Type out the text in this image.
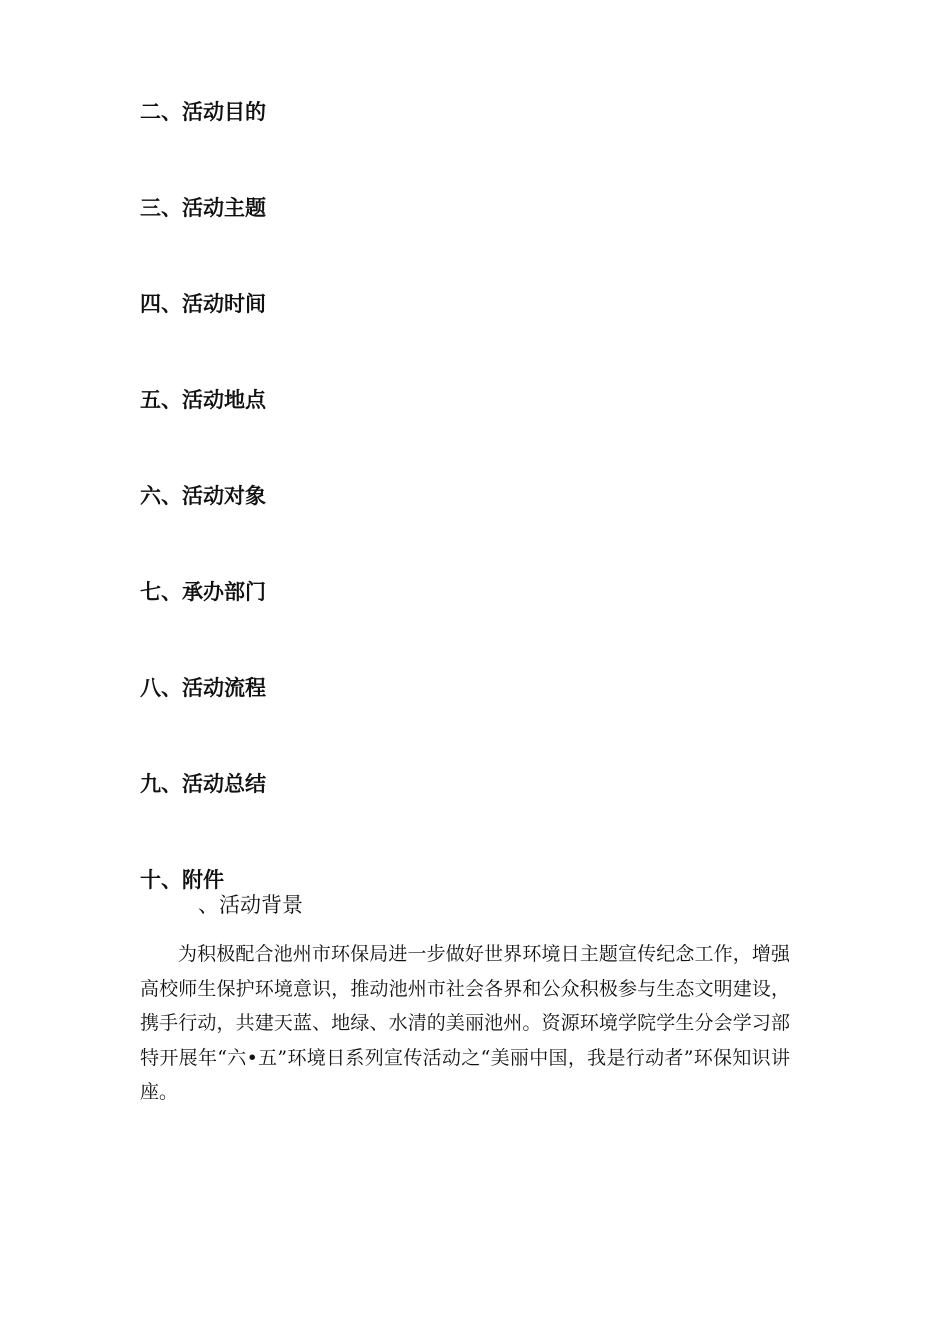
二、活动目的
三、活动主题
四、活动时间
五、活动地点
六、活动对象
七、承办部门
八、活动流程
九、活动总结
十、附件
、活动背景

为积极配合池州市环保局进一步做好世界环境日主题宣传纪念工作，增强高校师生保护环境意识，推动池州市社会各界和公众积极参与生态文明建设，携手行动，共建天蓝、地绿、水清的美丽池州。资源环境学院学生分会学习部特开展年“六•五”环境日系列宣传活动之“美丽中国，我是行动者”环保知识讲座。
